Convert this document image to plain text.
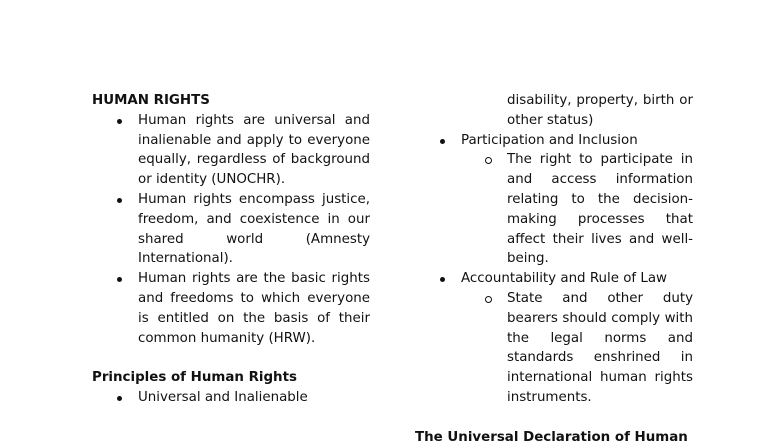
HUMAN RIGHTS

Human rights are universal and inalienable and apply to everyone equally, regardless of background or identity (UNOCHR).
Human rights encompass justice, freedom, and coexistence in our shared world (Amnesty International).
Human rights are the basic rights and freedoms to which everyone is entitled on the basis of their common humanity (HRW).

Principles of Human Rights

Universal and Inalienable
disability, property, birth or other status)
Participation and Inclusion
The right to participate in and access information relating to the decision-making processes that affect their lives and well-being.
Accountability and Rule of Law
State and other duty bearers should comply with the legal norms and standards enshrined in international human rights instruments.

The Universal Declaration of Human
